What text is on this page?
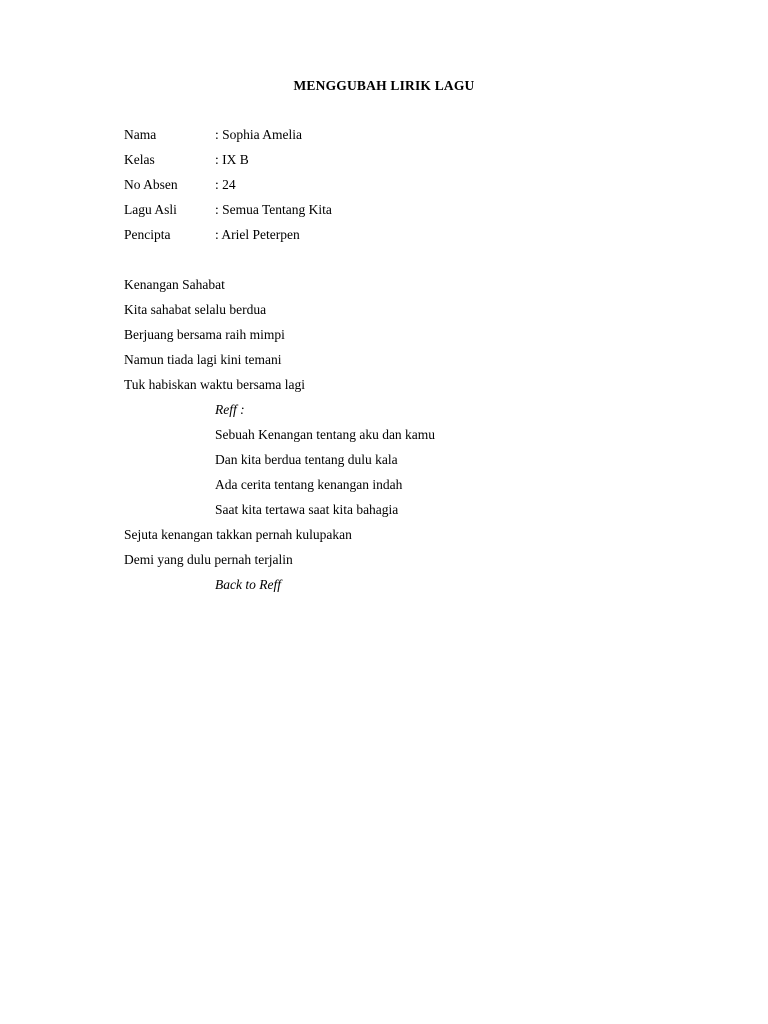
MENGGUBAH LIRIK LAGU
Nama	: Sophia Amelia
Kelas	: IX B
No Absen	: 24
Lagu Asli	: Semua Tentang Kita
Pencipta	: Ariel Peterpen
Kenangan Sahabat
Kita sahabat selalu berdua
Berjuang bersama raih mimpi
Namun tiada lagi kini temani
Tuk habiskan waktu bersama lagi
Reff :
Sebuah Kenangan tentang aku dan kamu
Dan kita berdua tentang dulu kala
Ada cerita tentang kenangan indah
Saat kita tertawa saat kita bahagia
Sejuta kenangan takkan pernah kulupakan
Demi yang dulu pernah terjalin
Back to Reff
